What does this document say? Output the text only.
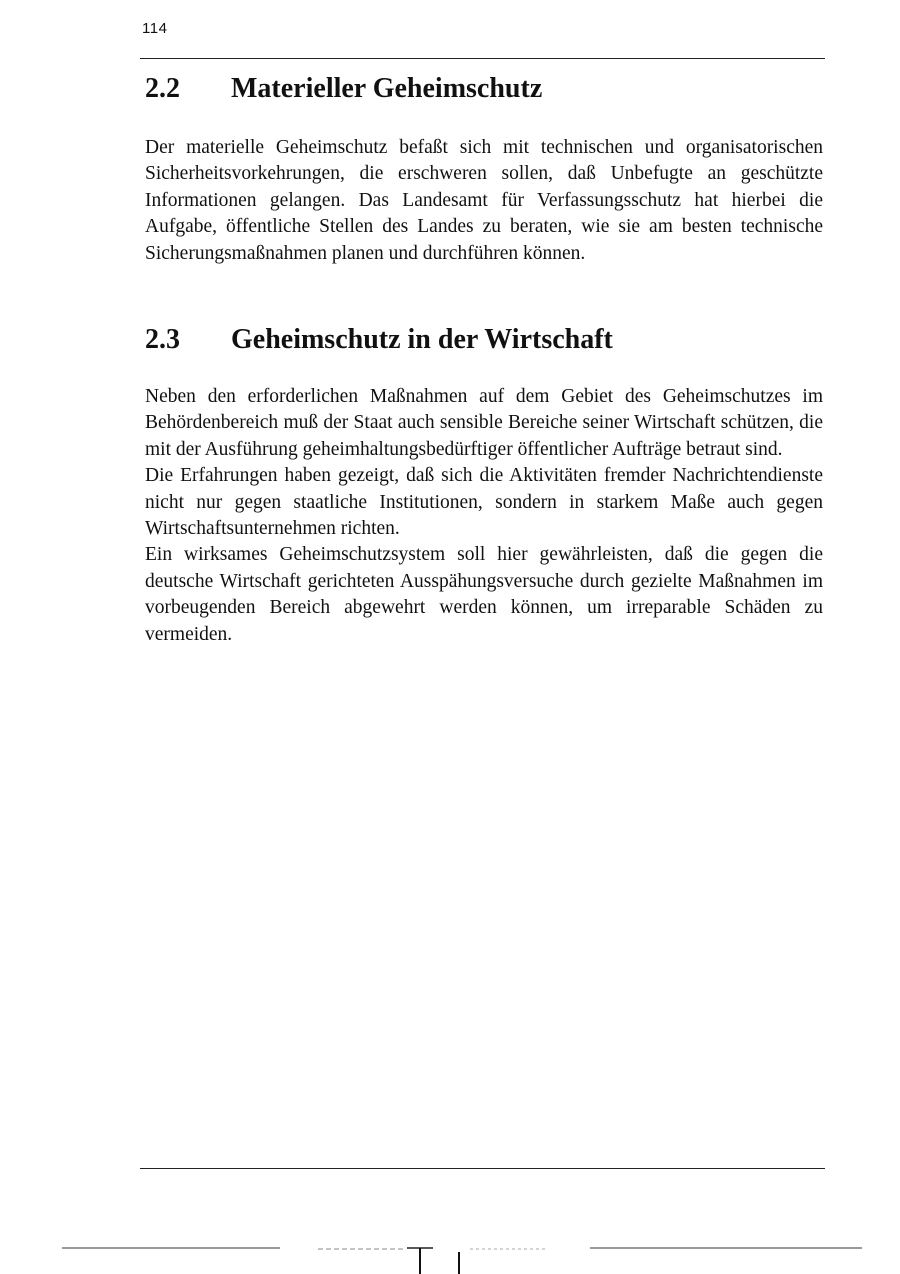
114
2.2 Materieller Geheimschutz

Der materielle Geheimschutz befaßt sich mit technischen und organisatorischen Sicherheitsvorkehrungen, die erschweren sollen, daß Unbefugte an geschützte Informationen gelangen. Das Landesamt für Verfassungsschutz hat hierbei die Aufgabe, öffentliche Stellen des Landes zu beraten, wie sie am besten technische Sicherungsmaßnahmen planen und durchführen können.

2.3 Geheimschutz in der Wirtschaft

Neben den erforderlichen Maßnahmen auf dem Gebiet des Geheimschutzes im Behördenbereich muß der Staat auch sensible Bereiche seiner Wirtschaft schützen, die mit der Ausführung geheimhaltungsbedürftiger öffentlicher Aufträge betraut sind.

Die Erfahrungen haben gezeigt, daß sich die Aktivitäten fremder Nachrichtendienste nicht nur gegen staatliche Institutionen, sondern in starkem Maße auch gegen Wirtschaftsunternehmen richten.

Ein wirksames Geheimschutzsystem soll hier gewährleisten, daß die gegen die deutsche Wirtschaft gerichteten Ausspähungsversuche durch gezielte Maßnahmen im vorbeugenden Bereich abgewehrt werden können, um irreparable Schäden zu vermeiden.
